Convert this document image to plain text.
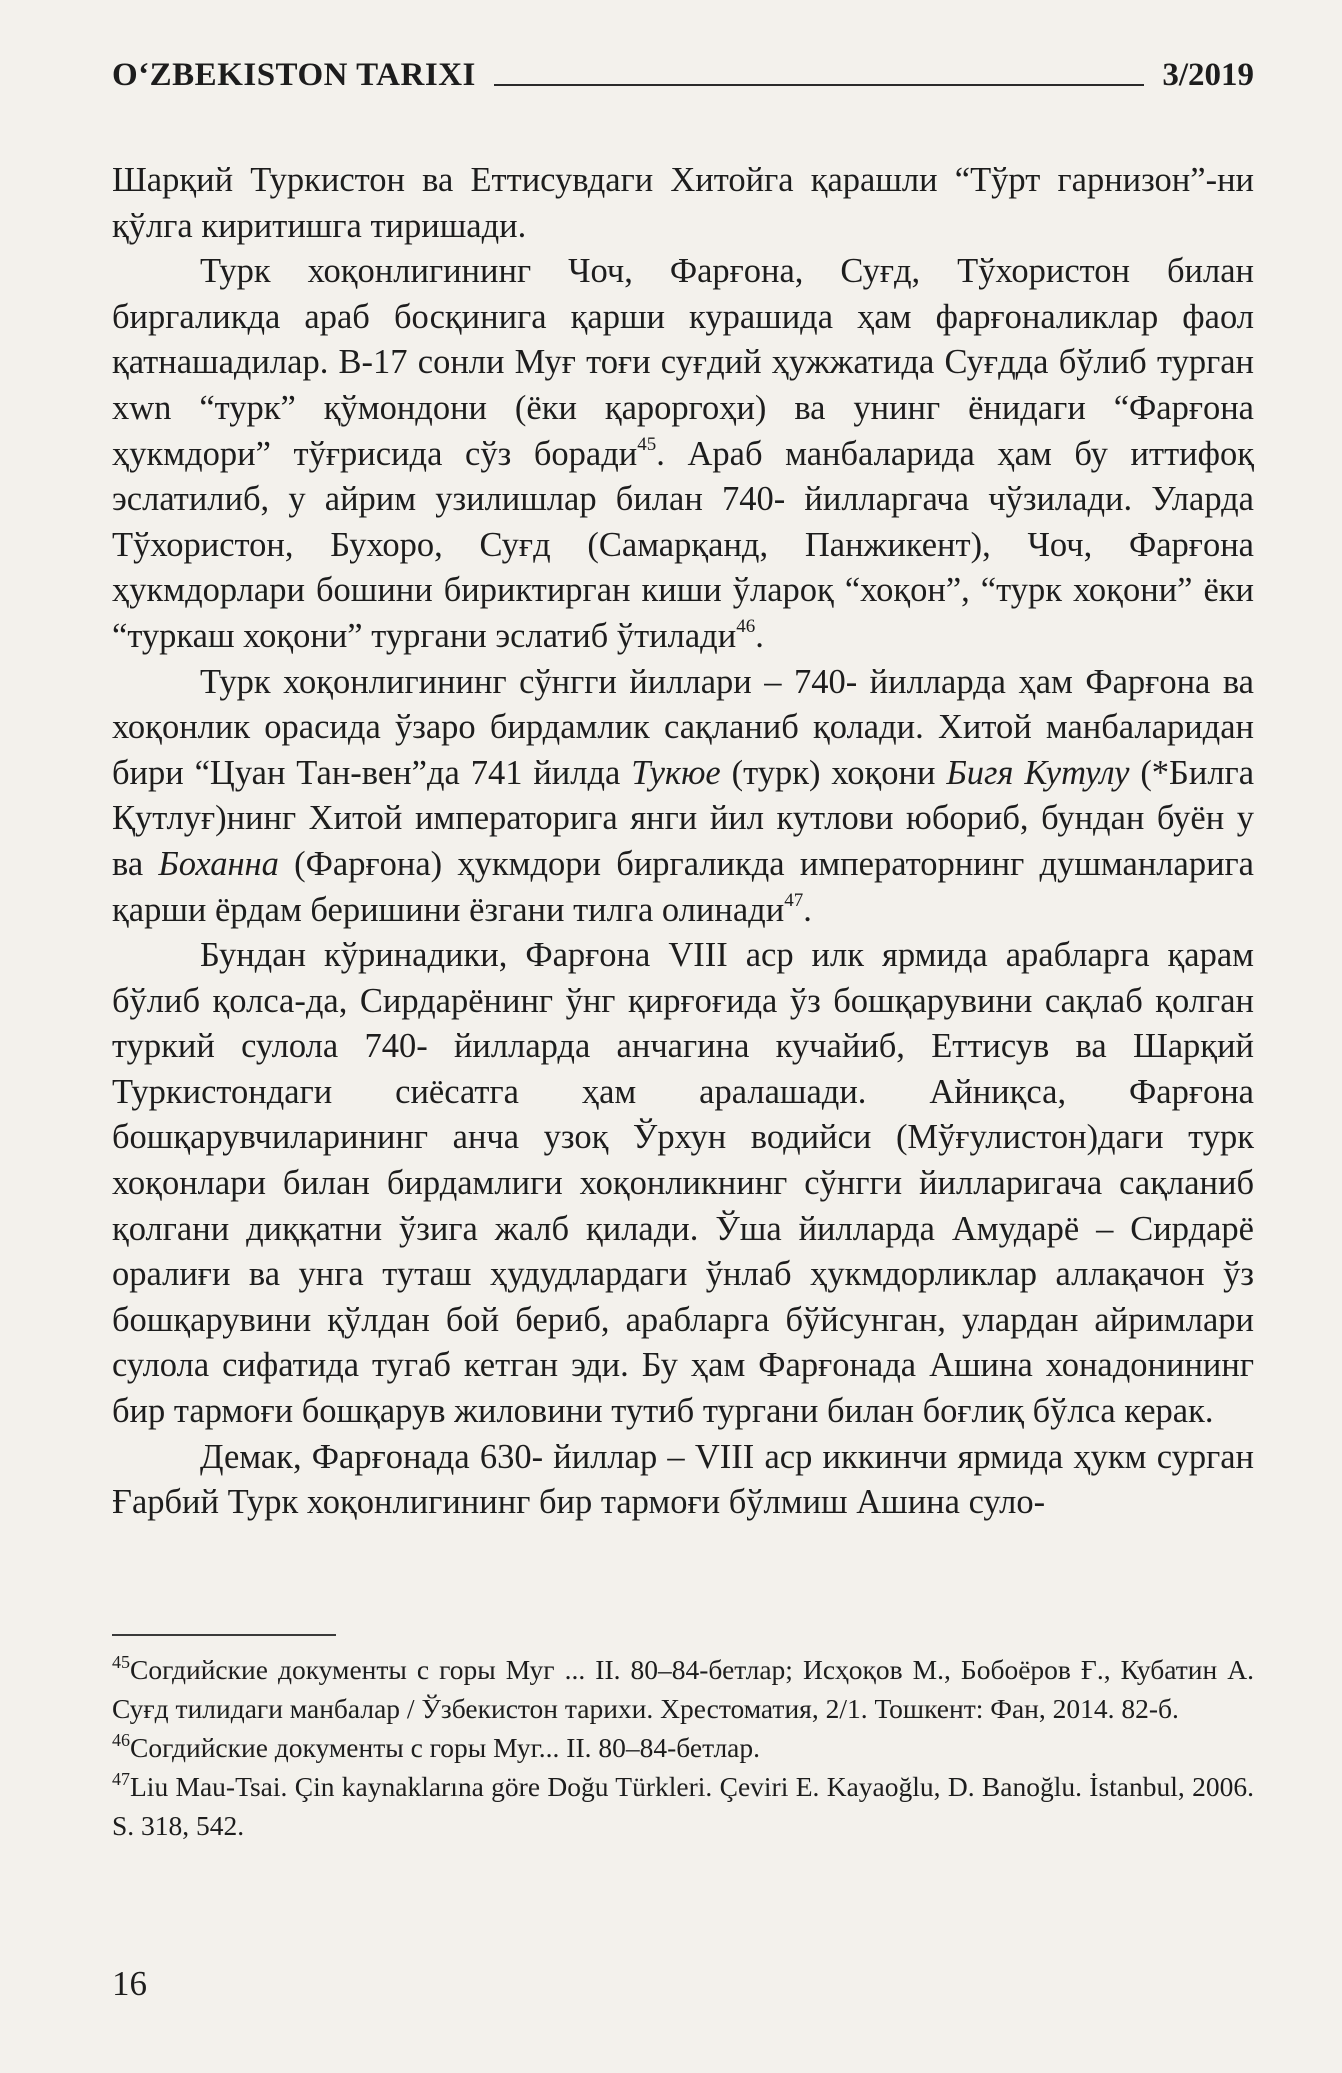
O‘ZBEKISTON TARIXI	3/2019

Шарқий Туркистон ва Еттисувдаги Хитойга қарашли “Тўрт гарнизон”-ни қўлга киритишга тиришади.

Турк хоқонлигининг Чоч, Фарғона, Суғд, Тўхористон билан биргаликда араб босқинига қарши курашида ҳам фарғоналиклар фаол қатнашадилар. В-17 сонли Муғ тоғи суғдий ҳужжатида Суғдда бўлиб турган xwn “турк” қўмондони (ёки қароргоҳи) ва унинг ёнидаги “Фарғона ҳукмдори” тўғрисида сўз боради$^{45}$. Араб манбаларида ҳам бу иттифоқ эслатилиб, у айрим узилишлар билан 740- йилларгача чўзилади. Уларда Тўхористон, Бухоро, Суғд (Самарқанд, Панжикент), Чоч, Фарғона ҳукмдорлари бошини бириктирган киши ўлароқ “хоқон”, “турк хоқони” ёки “туркаш хоқони” тургани эслатиб ўтилади$^{46}$.

Турк хоқонлигининг сўнгги йиллари – 740- йилларда ҳам Фарғона ва хоқонлик орасида ўзаро бирдамлик сақланиб қолади. Хитой манбаларидан бири “Цуан Тан-вен”да 741 йилда Тукюе (турк) хоқони Бигя Кутулу (*Билга Қутлуғ)нинг Хитой императорига янги йил кутлови юбориб, бундан буён у ва Боханна (Фарғона) ҳукмдори биргаликда императорнинг душманларига қарши ёрдам беришини ёзгани тилга олинади$^{47}$.

Бундан кўринадики, Фарғона VIII аср илк ярмида арабларга қарам бўлиб қолса-да, Сирдарёнинг ўнг қирғоғида ўз бошқарувини сақлаб қолган туркий сулола 740- йилларда анчагина кучайиб, Еттисув ва Шарқий Туркистондаги сиёсатга ҳам аралашади. Айниқса, Фарғона бошқарувчиларининг анча узоқ Ўрхун водийси (Мўғулистон)даги турк хоқонлари билан бирдамлиги хоқонликнинг сўнгги йилларигача сақланиб қолгани диққатни ўзига жалб қилади. Ўша йилларда Амударё – Сирдарё оралиғи ва унга туташ ҳудудлардаги ўнлаб ҳукмдорликлар аллақачон ўз бошқарувини қўлдан бой бериб, арабларга бўйсунган, улардан айримлари сулола сифатида тугаб кетган эди. Бу ҳам Фарғонада Ашина хонадонининг бир тармоғи бошқарув жиловини тутиб тургани билан боғлиқ бўлса керак.

Демак, Фарғонада 630- йиллар – VIII аср иккинчи ярмида ҳукм сурган Ғарбий Турк хоқонлигининг бир тармоғи бўлмиш Ашина суло-

$^{45}$Согдийские документы с горы Муг ... II. 80–84-бетлар; Исҳоқов М., Бобоёров Ғ., Кубатин А. Суғд тилидаги манбалар / Ўзбекистон тарихи. Хрестоматия, 2/1. Тошкент: Фан, 2014. 82-б.

$^{46}$Согдийские документы с горы Муг... II. 80–84-бетлар.

$^{47}$Liu Mau-Tsai. Çin kaynaklarına göre Doğu Türkleri. Çeviri E. Kayaoğlu, D. Banoğlu. İstanbul, 2006. S. 318, 542.

16
